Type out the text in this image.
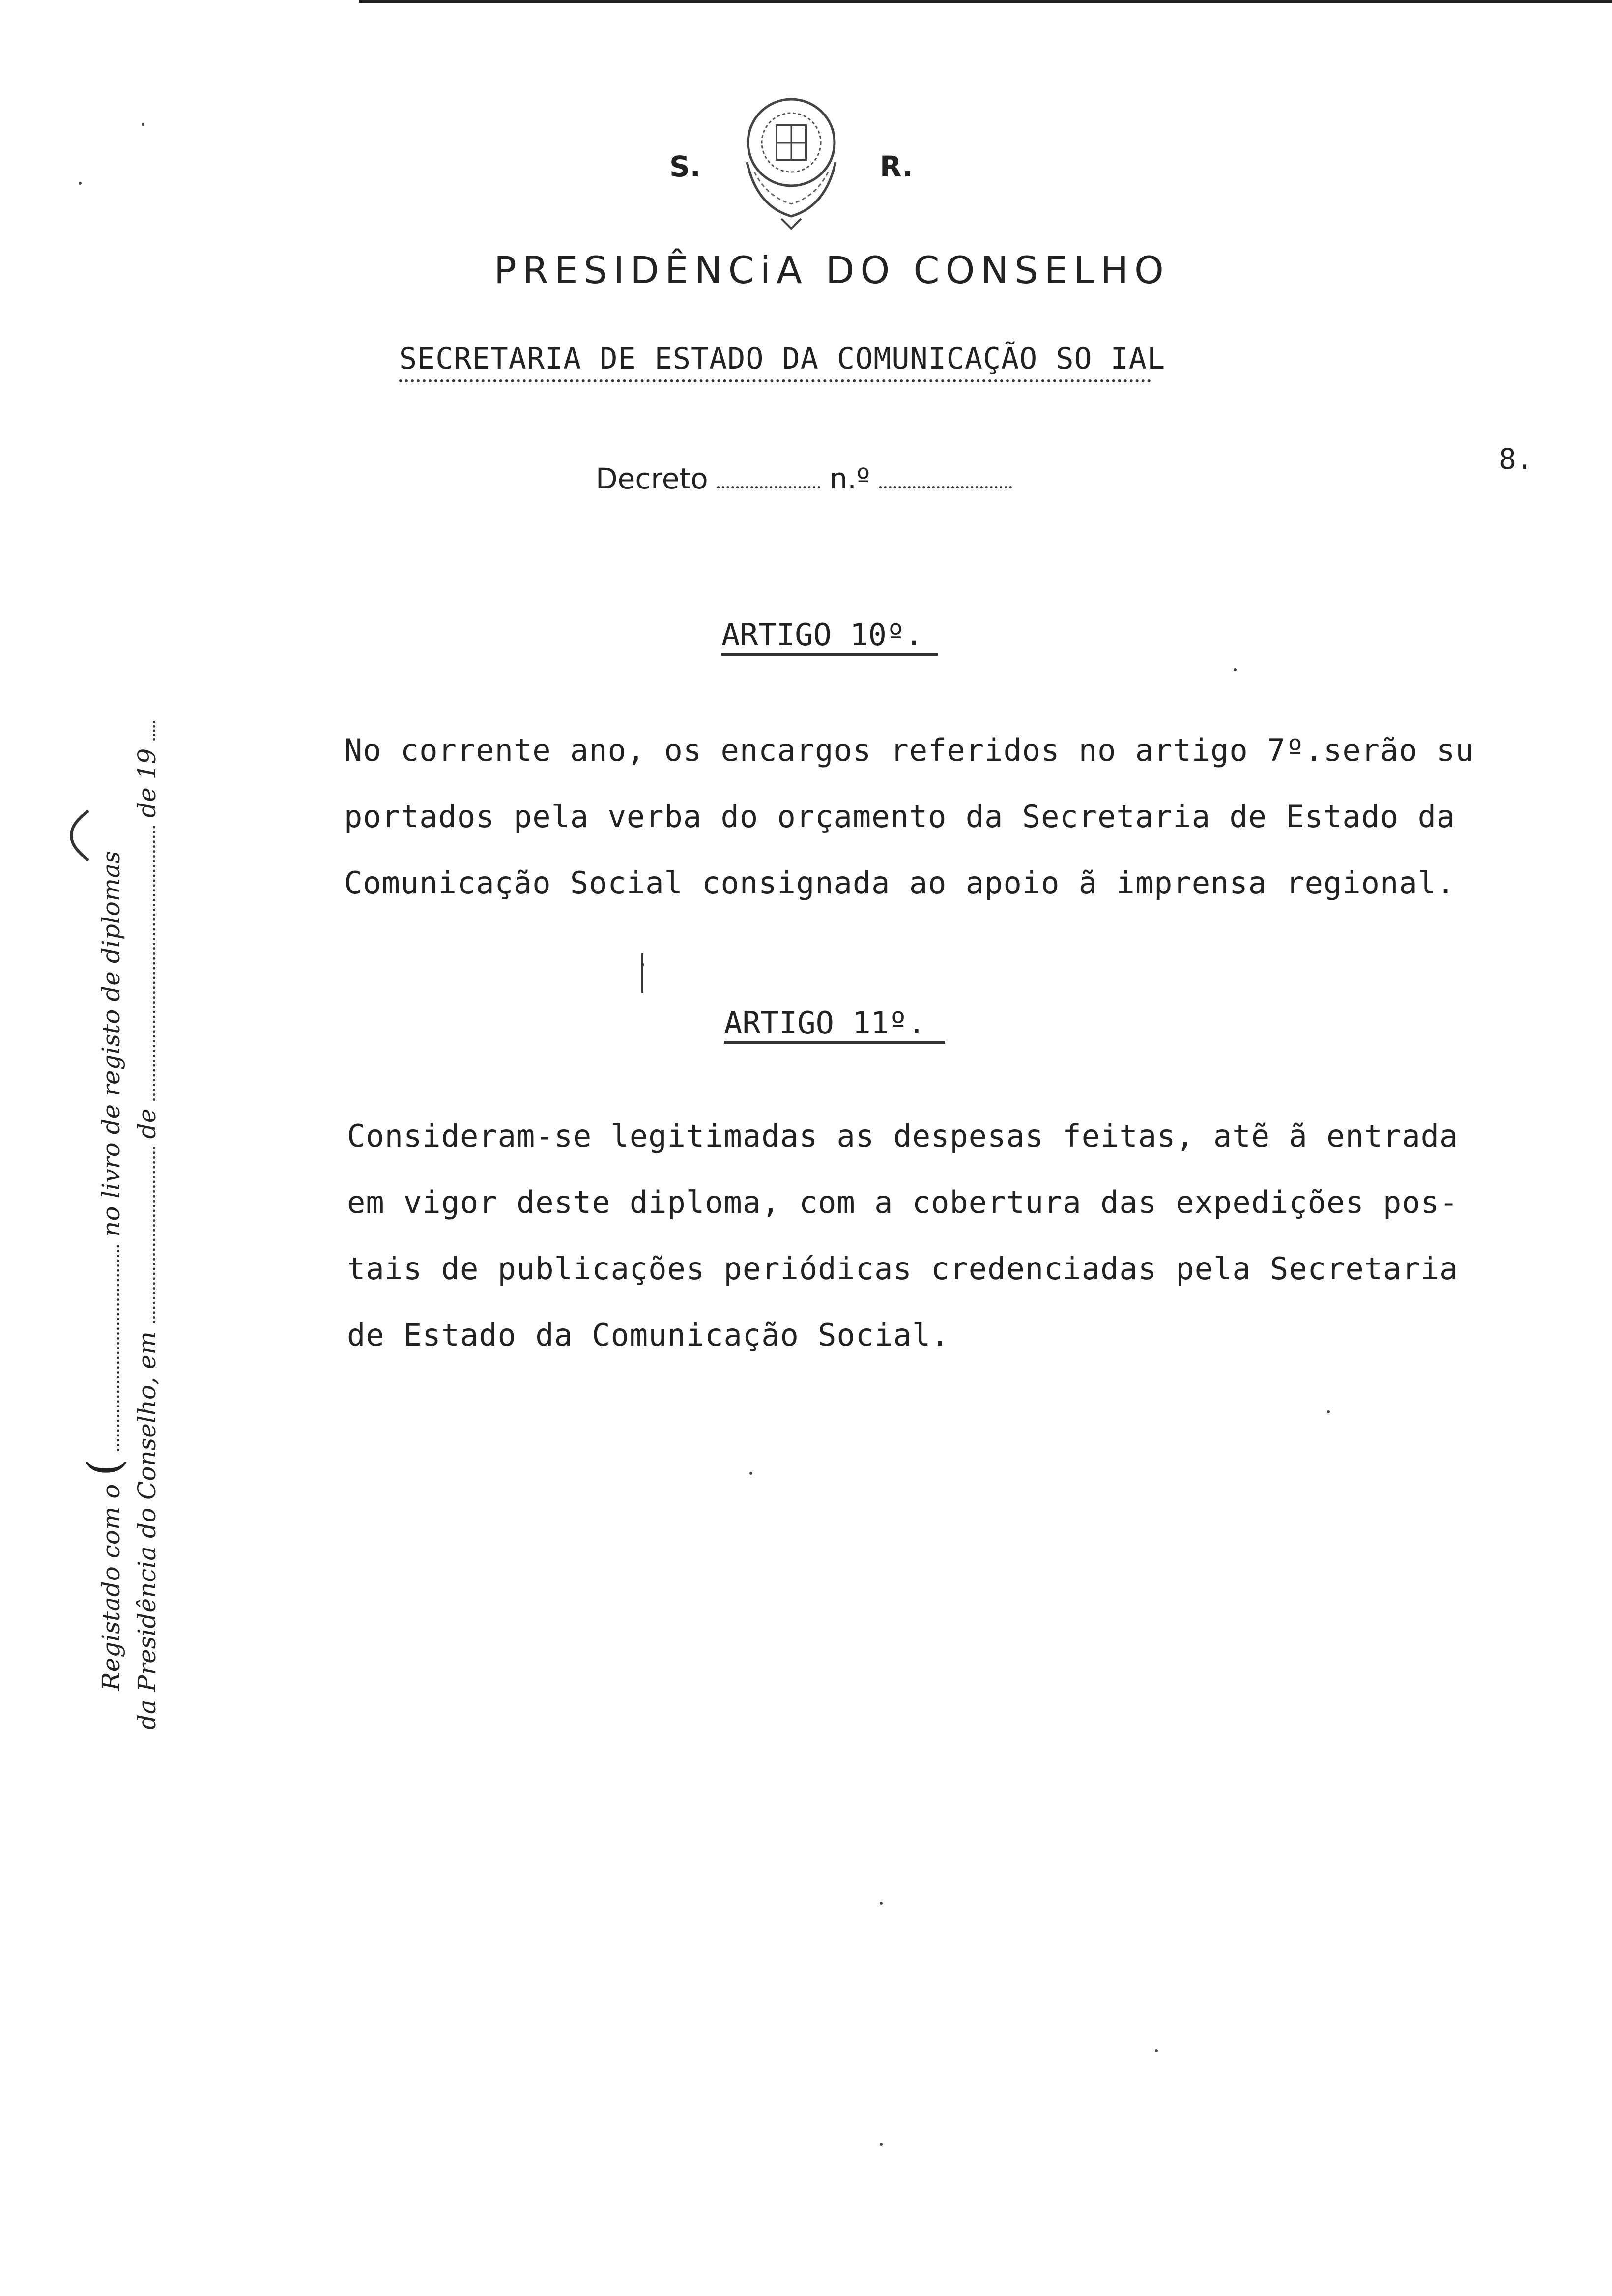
S.	R.
PRESIDÊNCiA DO CONSELHO
SECRETARIA DE ESTADO DA COMUNICAÇÃO SO IAL
Decreto	n.º
8.
ARTIGO 10º.
No corrente ano, os encargos referidos no artigo 7º.serão su
portados pela verba do orçamento da Secretaria de Estado da
Comunicação Social consignada ao apoio ã imprensa regional.
ARTIGO 11º.
Consideram-se legitimadas as despesas feitas, atẽ ã entrada
em vigor deste diploma, com a cobertura das expedições pos-
tais de publicações periódicas credenciadas pela Secretaria
de Estado da Comunicação Social.
Registado com o (  no livro de registo de diplomas
da Presidência do Conselho, em  de  de 19
